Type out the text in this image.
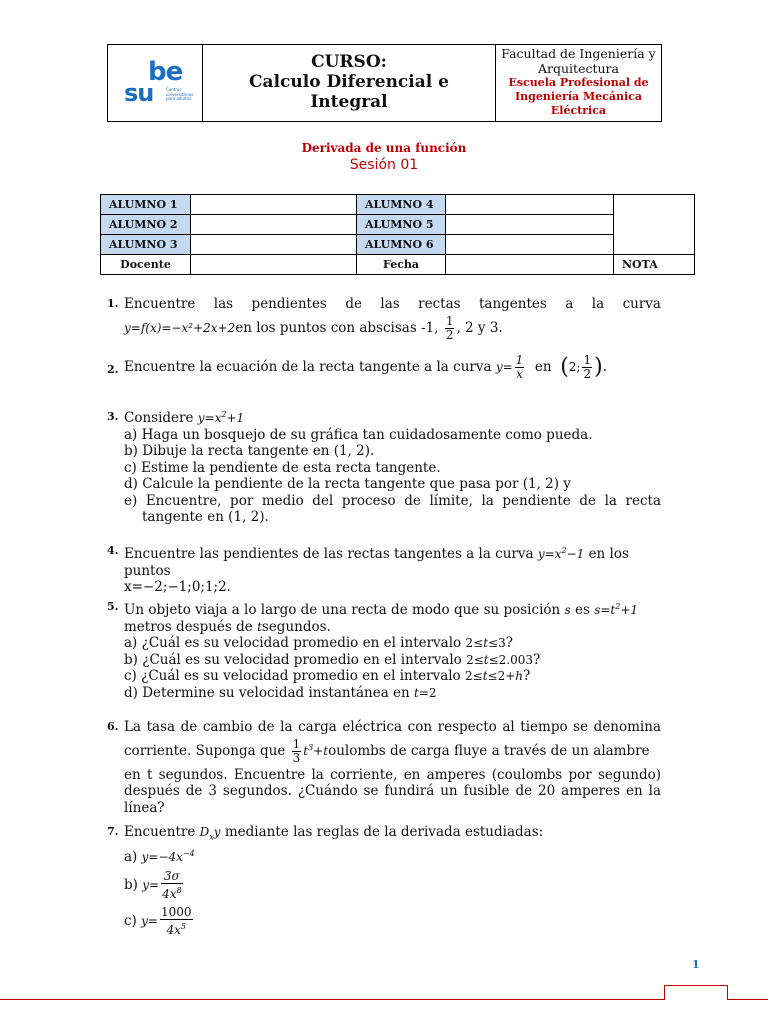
be
su	Centros universitarios para adultos
CURSO:
Calculo Diferencial e Integral
Facultad de Ingeniería y Arquitectura
Escuela Profesional de Ingeniería Mecánica Eléctrica
Derivada de una función
Sesión 01
ALUMNO 1		ALUMNO 4		
ALUMNO 2		ALUMNO 5		
ALUMNO 3		ALUMNO 6		
Docente		Fecha		NOTA
1. Encuentre las pendientes de las rectas tangentes a la curva
y=f(x)=−x²+2x+2en los puntos con abscisas -1, $\frac{1}{2}$ , 2 y 3.
2. Encuentre la ecuación de la recta tangente a la curva $y= \frac{1}{x}$ en (2; $\frac{1}{2}$ ).
3. Considere $y=x^2+1$
a) Haga un bosquejo de su gráfica tan cuidadosamente como pueda.
b) Dibuje la recta tangente en (1, 2).
c) Estime la pendiente de esta recta tangente.
d) Calcule la pendiente de la recta tangente que pasa por (1, 2) y
e) Encuentre, por medio del proceso de límite, la pendiente de la recta tangente en (1, 2).
4. Encuentre las pendientes de las rectas tangentes a la curva $y=x^2-1$ en los puntos
x=−2;−1;0;1;2.
5. Un objeto viaja a lo largo de una recta de modo que su posición s es $s=t^2+1$
metros después de tsegundos.
a) ¿Cuál es su velocidad promedio en el intervalo 2≤t≤3?
b) ¿Cuál es su velocidad promedio en el intervalo 2≤t≤2.003?
c) ¿Cuál es su velocidad promedio en el intervalo 2≤t≤2+h?
d) Determine su velocidad instantánea en t=2
6. La tasa de cambio de la carga eléctrica con respecto al tiempo se denomina
corriente. Suponga que $\frac{1}{3}$ $t^3+toulombs$ de carga fluye a través de un alambre
en t segundos. Encuentre la corriente, en amperes (coulombs por segundo) después de 3 segundos. ¿Cuándo se fundirá un fusible de 20 amperes en la línea?
7. Encuentre $D_xy$ mediante las reglas de la derivada estudiadas:
a) $y=-4x^{-4}$
b) $y= \frac{3\sigma}{4x^8}$
c) $y= \frac{1000}{4x^5}$
1
